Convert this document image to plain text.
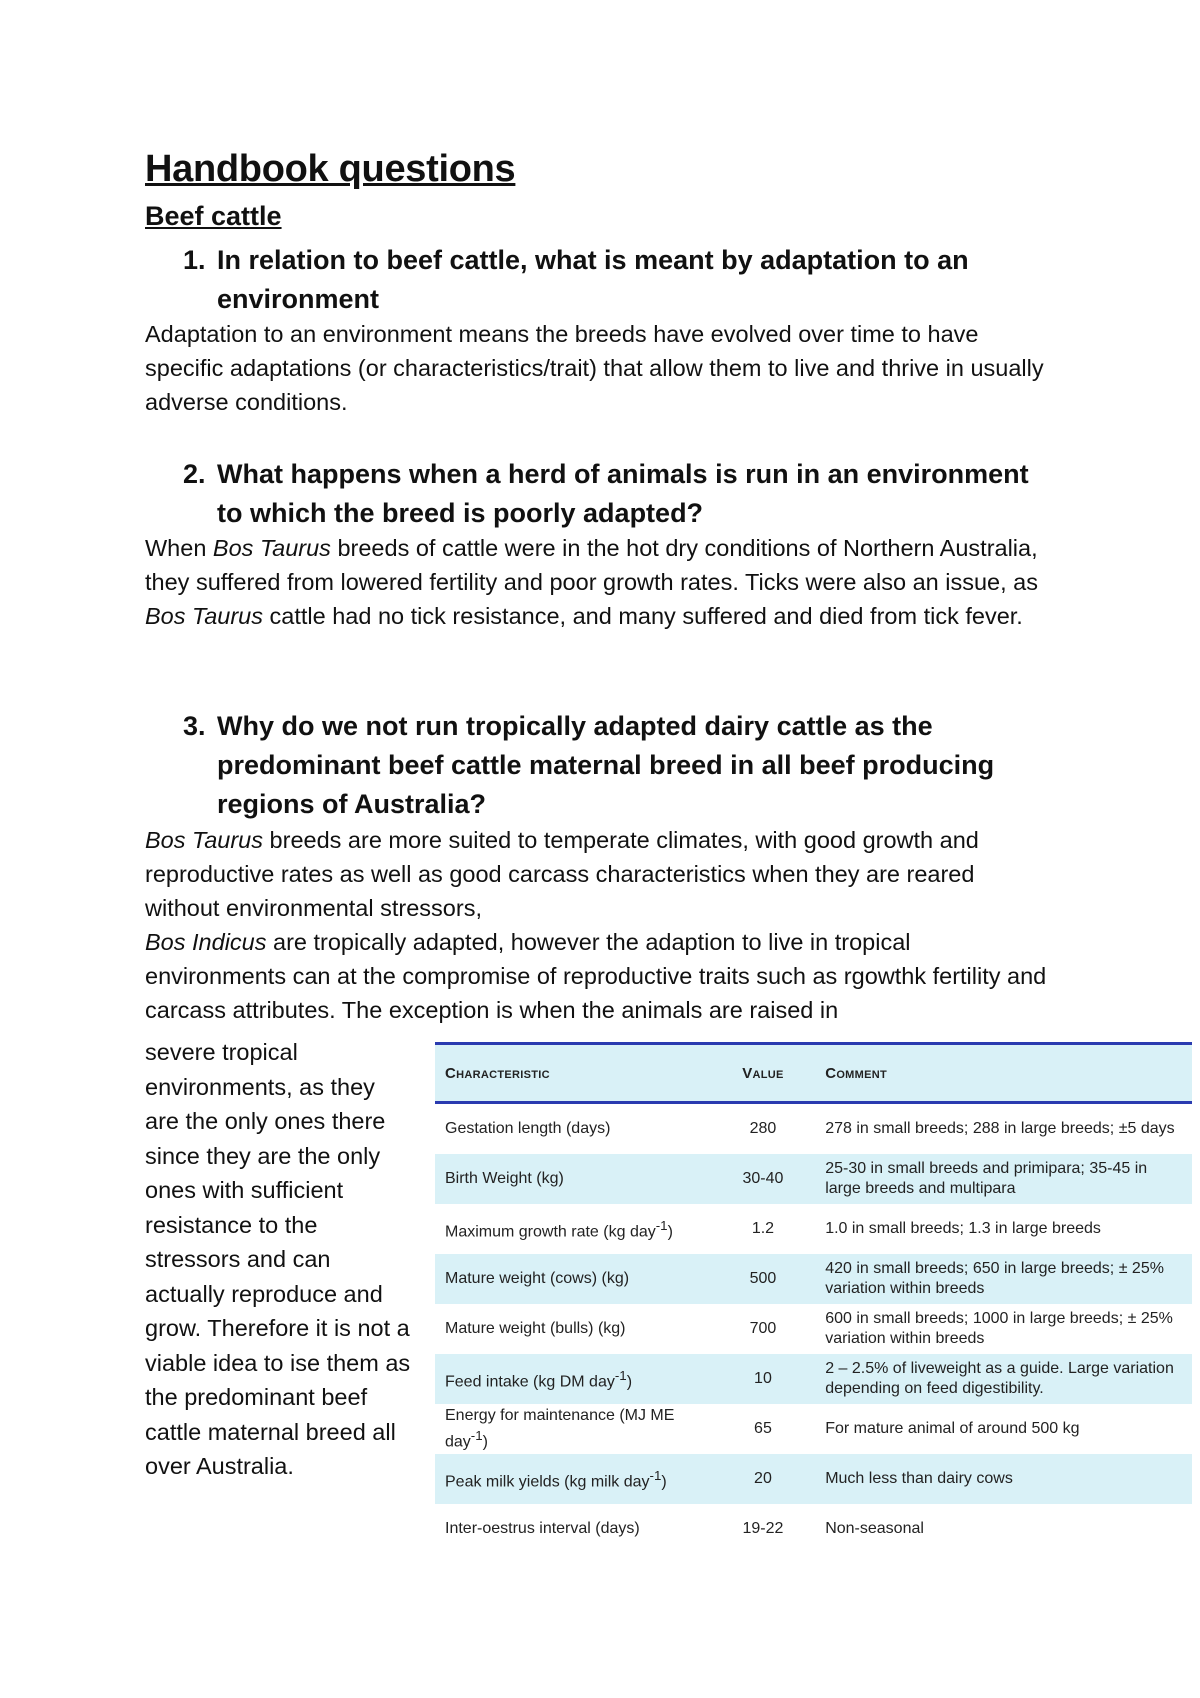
Handbook questions
Beef cattle
1. In relation to beef cattle, what is meant by adaptation to an environment
Adaptation to an environment means the breeds have evolved over time to have specific adaptations (or characteristics/trait) that allow them to live and thrive in usually adverse conditions.
2. What happens when a herd of animals is run in an environment to which the breed is poorly adapted?
When Bos Taurus breeds of cattle were in the hot dry conditions of Northern Australia, they suffered from lowered fertility and poor growth rates. Ticks were also an issue, as Bos Taurus cattle had no tick resistance, and many suffered and died from tick fever.
3. Why do we not run tropically adapted dairy cattle as the predominant beef cattle maternal breed in all beef producing regions of Australia?
Bos Taurus breeds are more suited to temperate climates, with good growth and reproductive rates as well as good carcass characteristics when they are reared without environmental stressors,
Bos Indicus are tropically adapted, however the adaption to live in tropical environments can at the compromise of reproductive traits such as rgowthk fertility and carcass attributes. The exception is when the animals are raised in
severe tropical environments, as they are the only ones there since they are the only ones with sufficient resistance to the stressors and can actually reproduce and grow. Therefore it is not a viable idea to ise them as the predominant beef cattle maternal breed all over Australia.
Characteristic	Value	Comment
Gestation length (days)	280	278 in small breeds; 288 in large breeds; ±5 days
Birth Weight (kg)	30-40	25-30 in small breeds and primipara; 35-45 in large breeds and multipara
Maximum growth rate (kg day$^{-1}$)	1.2	1.0 in small breeds; 1.3 in large breeds
Mature weight (cows) (kg)	500	420 in small breeds; 650 in large breeds; ± 25% variation within breeds
Mature weight (bulls) (kg)	700	600 in small breeds; 1000 in large breeds; ± 25% variation within breeds
Feed intake (kg DM day$^{-1}$)	10	2 – 2.5% of liveweight as a guide. Large variation depending on feed digestibility.
Energy for maintenance (MJ ME day$^{-1}$)	65	For mature animal of around 500 kg
Peak milk yields (kg milk day$^{-1}$)	20	Much less than dairy cows
Inter-oestrus interval (days)	19-22	Non-seasonal
